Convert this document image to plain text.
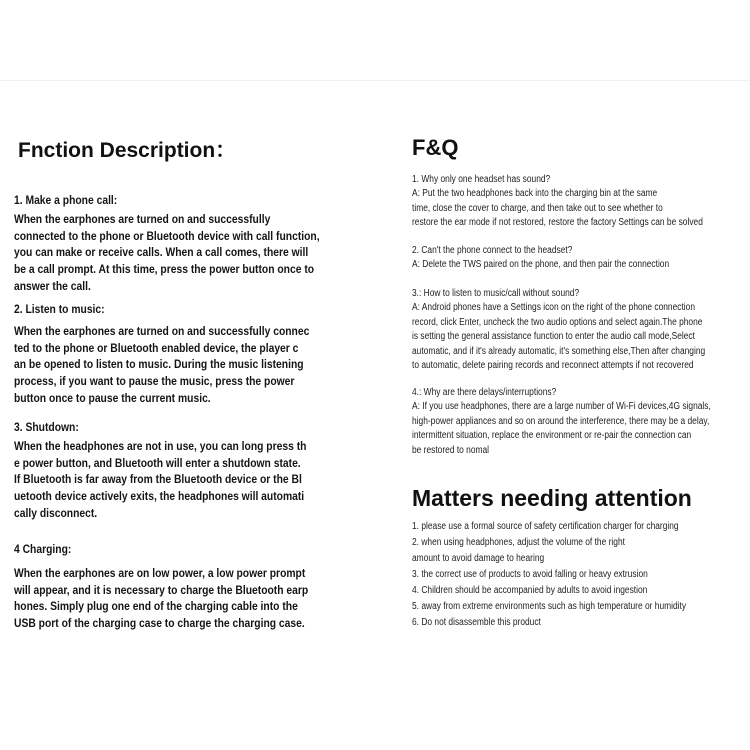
Fnction Description：
1. Make a phone call:
When the earphones are turned on and successfully
connected to the phone or Bluetooth device with call function,
you can make or receive calls. When a call comes, there will
be a call prompt. At this time, press the power button once to
answer the call.
2. Listen to music:
When the earphones are turned on and successfully connec
ted to the phone or Bluetooth enabled device, the player c
an be opened to listen to music. During the music listening
process, if you want to pause the music, press the power
button once to pause the current music.
3. Shutdown:
When the headphones are not in use, you can long press th
e power button, and Bluetooth will enter a shutdown state.
If Bluetooth is far away from the Bluetooth device or the Bl
uetooth device actively exits, the headphones will automati
cally disconnect.
4 Charging:
When the earphones are on low power, a low power prompt
will appear, and it is necessary to charge the Bluetooth earp
hones. Simply plug one end of the charging cable into the
USB port of the charging case to charge the charging case.
F&Q
1. Why only one headset has sound?
A: Put the two headphones back into the charging bin at the same
time, close the cover to charge, and then take out to see whether to
restore the ear mode if not restored, restore the factory Settings can be solved
2. Can't the phone connect to the headset?
A: Delete the TWS paired on the phone, and then pair the connection
3.: How to listen to music/call without sound?
A: Android phones have a Settings icon on the right of the phone connection
record, click Enter, uncheck the two audio options and select again.The phone
is setting the general assistance function to enter the audio call mode,Select
automatic, and if it's already automatic, it's something else,Then after changing
to automatic, delete pairing records and reconnect attempts if not recovered
4.: Why are there delays/interruptions?
A: If you use headphones, there are a large number of Wi-Fi devices,4G signals,
high-power appliances and so on around the interference, there may be a delay,
intermittent situation, replace the environment or re-pair the connection can
be restored to nomal
Matters needing attention
1. please use a formal source of safety certification charger for charging
2. when using headphones, adjust the volume of the right
amount to avoid damage to hearing
3. the correct use of products to avoid falling or heavy extrusion
4. Children should be accompanied by adults to avoid ingestion
5. away from extreme environments such as high temperature or humidity
6. Do not disassemble this product
